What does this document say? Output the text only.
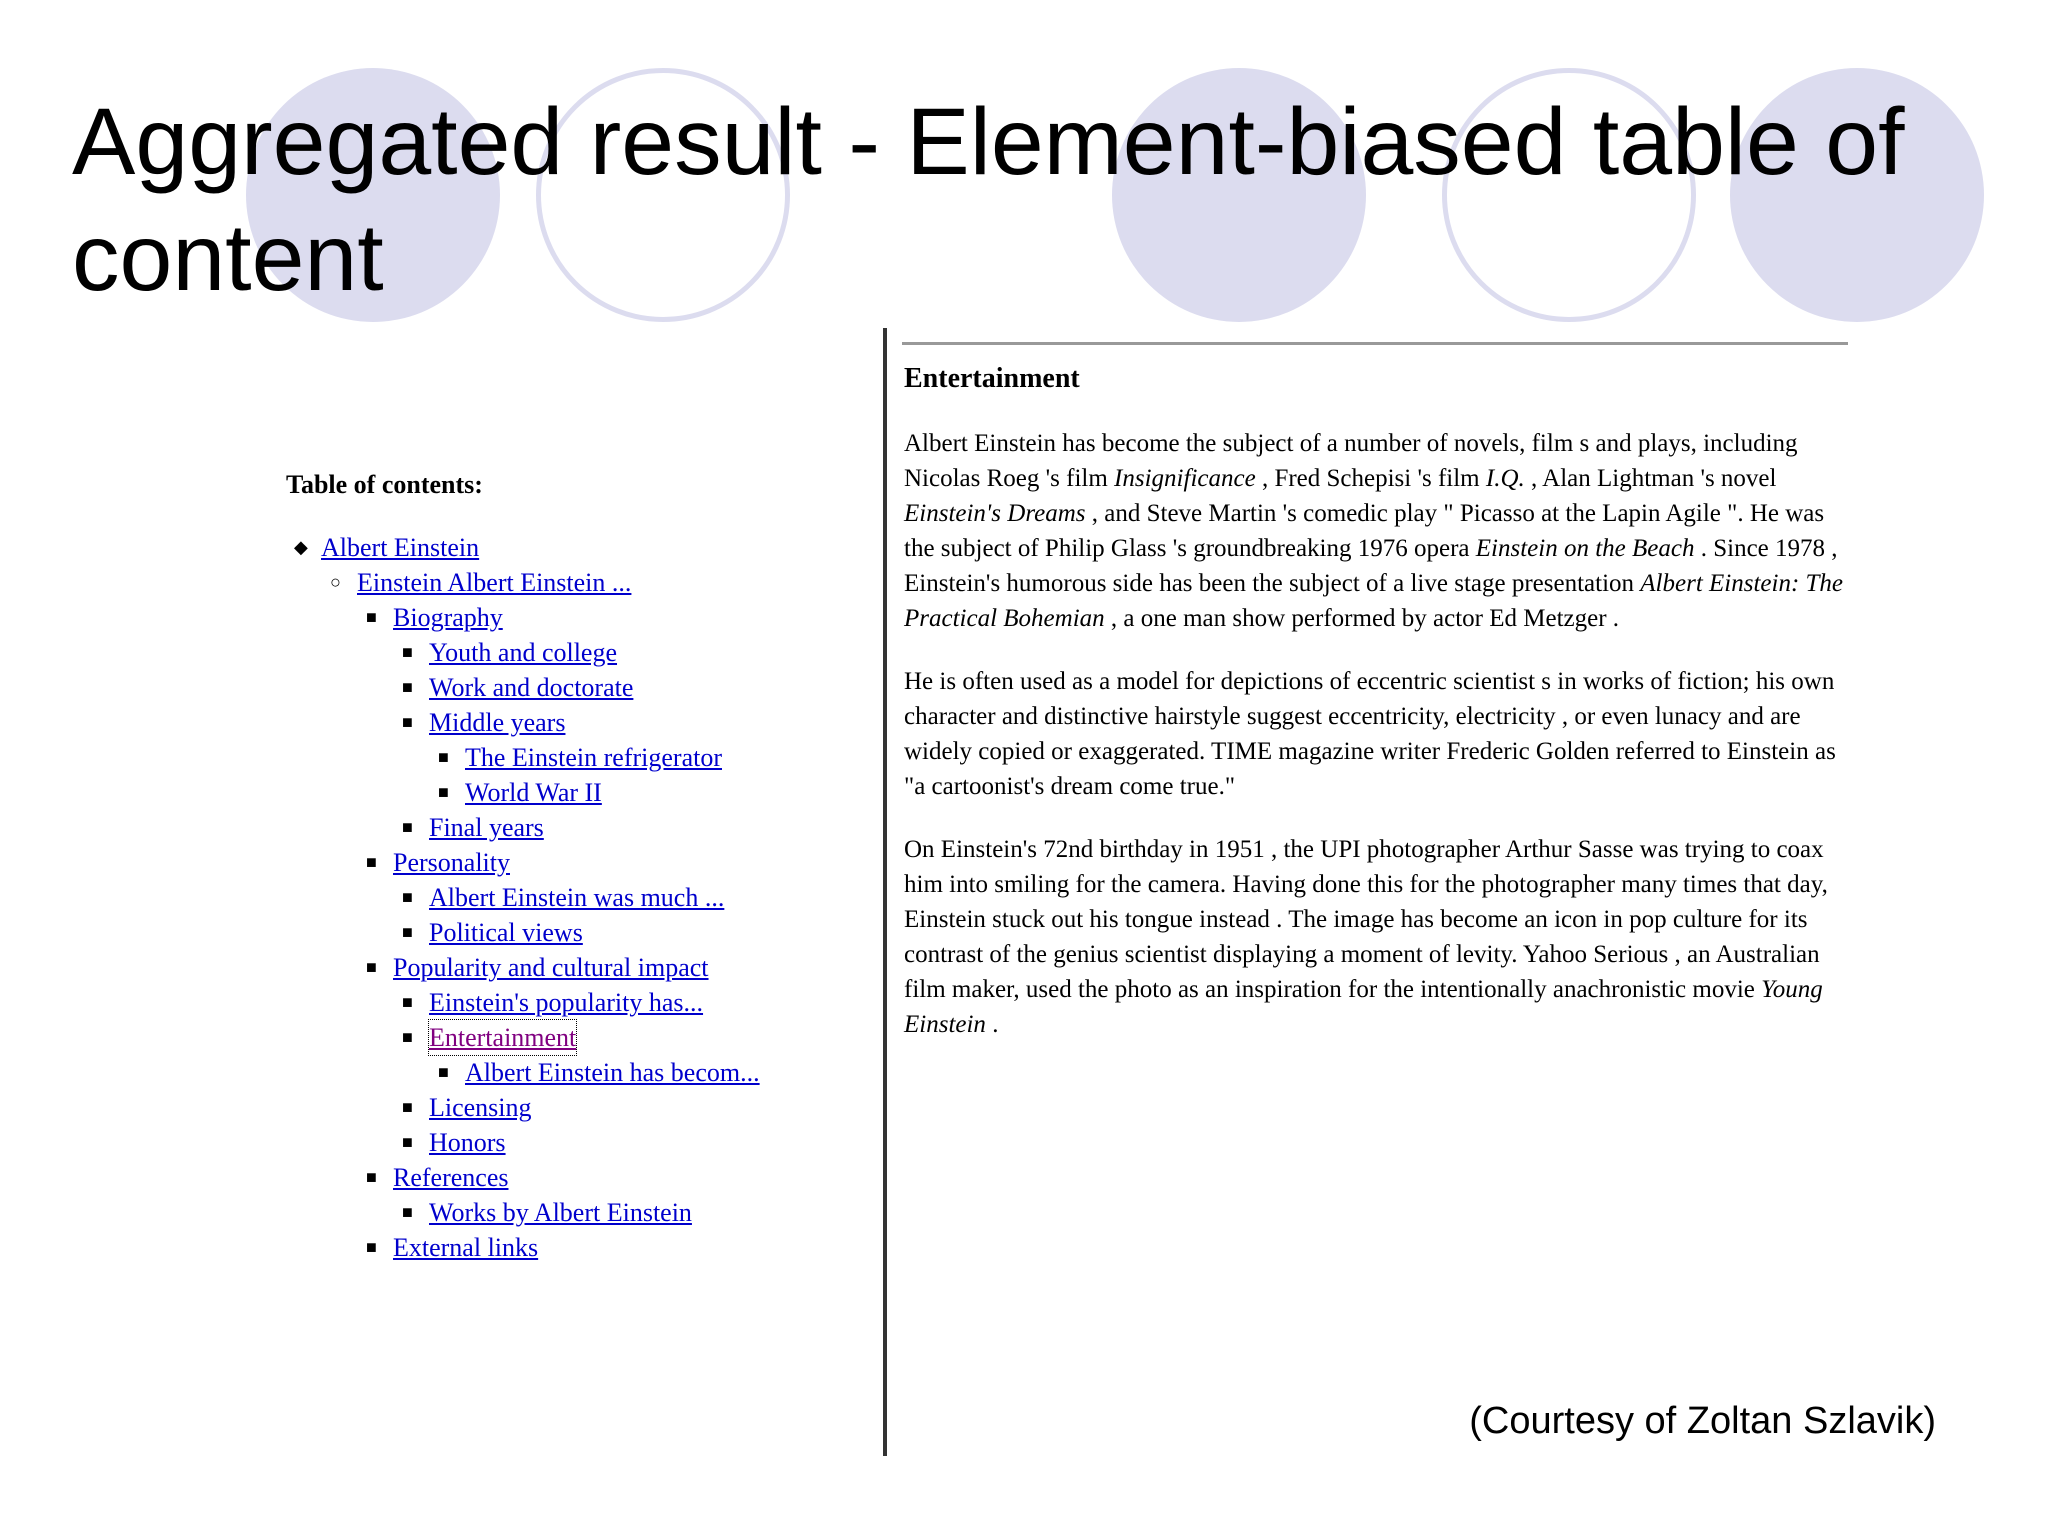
Aggregated result - Element-biased table of content
Table of contents:
◆ Albert Einstein
○ Einstein Albert Einstein ...
■ Biography
■ Youth and college
■ Work and doctorate
■ Middle years
■ The Einstein refrigerator
■ World War II
■ Final years
■ Personality
■ Albert Einstein was much ...
■ Political views
■ Popularity and cultural impact
■ Einstein's popularity has...
■ Entertainment
■ Albert Einstein has becom...
■ Licensing
■ Honors
■ References
■ Works by Albert Einstein
■ External links
Entertainment

Albert Einstein has become the subject of a number of novels, film s and plays, including Nicolas Roeg 's film Insignificance , Fred Schepisi 's film I.Q. , Alan Lightman 's novel Einstein's Dreams , and Steve Martin 's comedic play " Picasso at the Lapin Agile ". He was the subject of Philip Glass 's groundbreaking 1976 opera Einstein on the Beach . Since 1978 , Einstein's humorous side has been the subject of a live stage presentation Albert Einstein: The Practical Bohemian , a one man show performed by actor Ed Metzger .

He is often used as a model for depictions of eccentric scientist s in works of fiction; his own character and distinctive hairstyle suggest eccentricity, electricity , or even lunacy and are widely copied or exaggerated. TIME magazine writer Frederic Golden referred to Einstein as "a cartoonist's dream come true."

On Einstein's 72nd birthday in 1951 , the UPI photographer Arthur Sasse was trying to coax him into smiling for the camera. Having done this for the photographer many times that day, Einstein stuck out his tongue instead . The image has become an icon in pop culture for its contrast of the genius scientist displaying a moment of levity. Yahoo Serious , an Australian film maker, used the photo as an inspiration for the intentionally anachronistic movie Young Einstein .

(Courtesy of Zoltan Szlavik)
